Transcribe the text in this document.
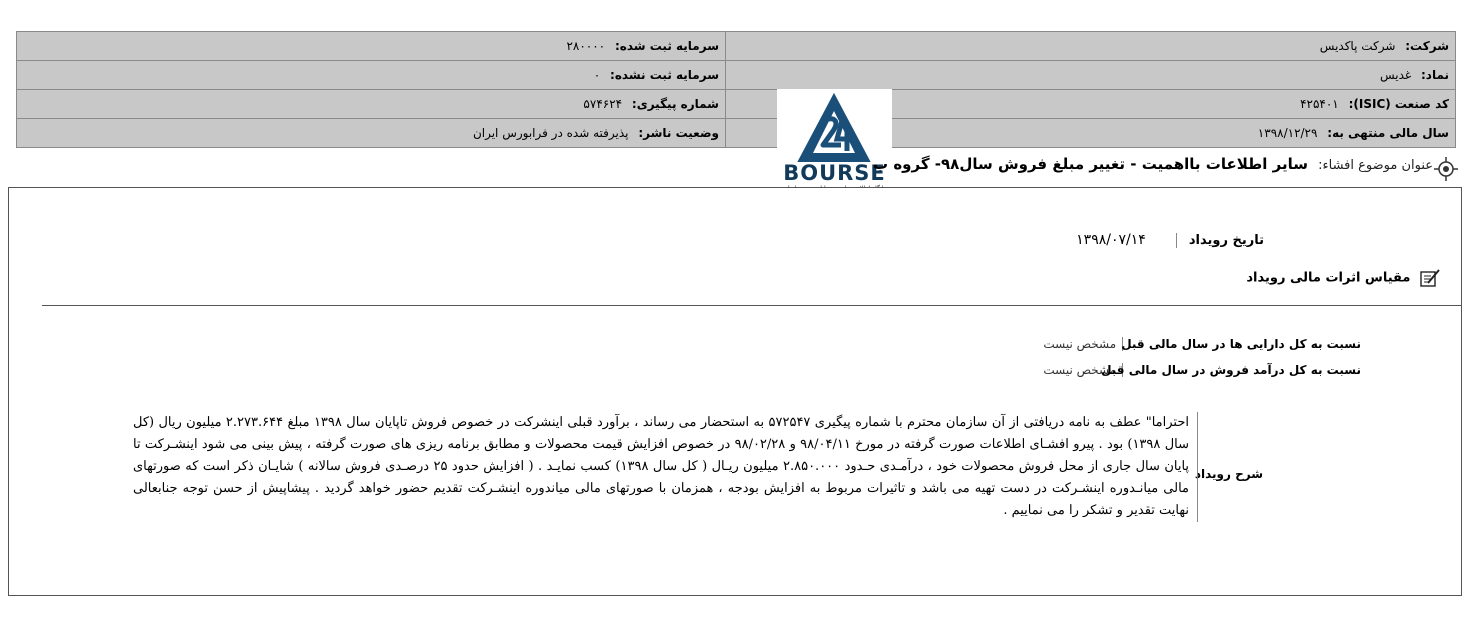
شرکت: شرکت پاکدیس	سرمایه ثبت شده: ۲۸۰۰۰۰
نماد: غدیس	سرمایه ثبت نشده: ۰
کد صنعت (ISIC): ۴۲۵۴۰۱	شماره پیگیری: ۵۷۴۶۲۴
سال مالی منتهی به: ۱۳۹۸/۱۲/۲۹	وضعیت ناشر: پذیرفته شده در فرابورس ایران
BOURSE	عنوان موضوع افشاء: سایر اطلاعات بااهمیت - تغییر مبلغ فروش سال۹۸- گروه ب
تاریخ رویداد ۱۳۹۸/۰۷/۱۴
مقیاس اثرات مالی رویداد
نسبت به کل دارایی ها در سال مالی قبل مشخص نیست
نسبت به کل درآمد فروش در سال مالی قبل مشخص نیست
شرح رویداد
احتراما" عطف به نامه دریافتی از آن سازمان محترم با شماره پیگیری ۵۷۲۵۴۷ به استحضار می رساند ، برآورد قبلی اینشرکت در خصوص فروش تاپایان سال ۱۳۹۸ مبلغ ۲.۲۷۳.۶۴۴ میلیون ریال (کل سال ۱۳۹۸) بود . پیرو افشـای اطلاعات صورت گرفته در مورخ ۹۸/۰۴/۱۱ و ۹۸/۰۲/۲۸ در خصوص افزایش قیمت محصولات و مطابق برنامه ریزی های صورت گرفته ، پیش بینی می شود اینشـرکت تا پایان سال جاری از محل فروش محصولات خود ، درآمـدی حـدود ۲.۸۵۰.۰۰۰ میلیون ریـال ( کل سال ۱۳۹۸) کسب نمایـد . ( افزایش حدود ۲۵ درصـدی فروش سالانه ) شایـان ذکر است که صورتهای مالی میانـدوره اینشـرکت در دست تهیه می باشد و تاثیرات مربوط به افزایش بودجه ، همزمان با صورتهای مالی میاندوره اینشـرکت تقدیم حضور خواهد گردید . پیشاپیش از حسن توجه جنابعالی نهایت تقدیر و تشکر را می نماییم .
